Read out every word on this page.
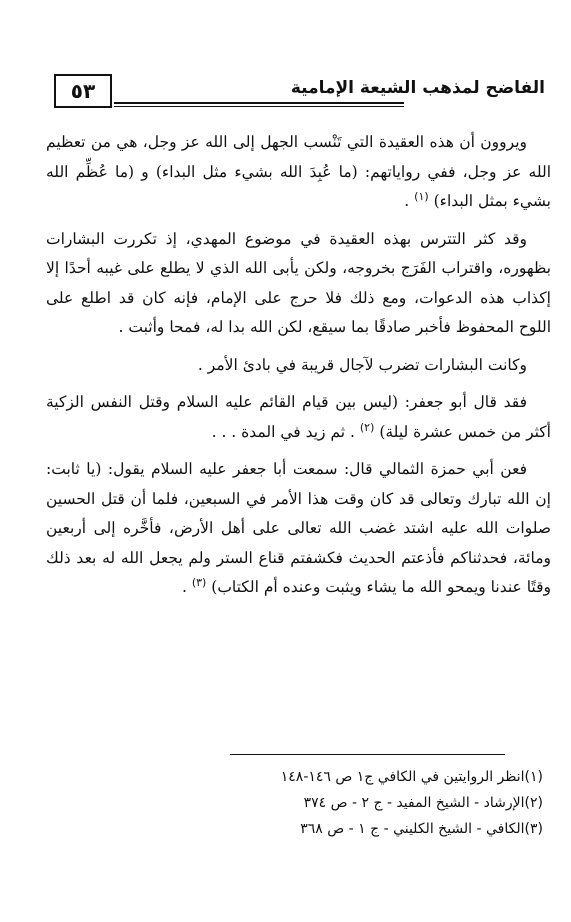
٥٣	الفاضح لمذهب الشيعة الإمامية

ويروون أن هذه العقيدة التي تَنْسب الجهل إلى الله عز وجل، هي من تعظيم الله عز وجل، ففي رواياتهم: (ما عُبِدَ الله بشيء مثل البداء) و (ما عُظِّم الله بشيء بمثل البداء) $^{(١)}$ .

وقد كثر التترس بهذه العقيدة في موضوع المهدي، إذ تكررت البشارات بظهوره، واقتراب الفَرَج بخروجه، ولكن يأبى الله الذي لا يطلع على غيبه أحدًا إلا إكذاب هذه الدعوات، ومع ذلك فلا حرج على الإمام، فإنه كان قد اطلع على اللوح المحفوظ فأخبر صادقًا بما سيقع، لكن الله بدا له، فمحا وأثبت .

وكانت البشارات تضرب لآجال قريبة في بادئ الأمر .

فقد قال أبو جعفر: (ليس بين قيام القائم عليه السلام وقتل النفس الزكية أكثر من خمس عشرة ليلة) $^{(٢)}$ . ثم زيد في المدة . . .

فعن أبي حمزة الثمالي قال: سمعت أبا جعفر عليه السلام يقول: (يا ثابت: إن الله تبارك وتعالى قد كان وقت هذا الأمر في السبعين، فلما أن قتل الحسين صلوات الله عليه اشتد غضب الله تعالى على أهل الأرض، فأخَّره إلى أربعين ومائة، فحدثناكم فأذعتم الحديث فكشفتم قناع الستر ولم يجعل الله له بعد ذلك وقتًا عندنا ويمحو الله ما يشاء ويثبت وعنده أم الكتاب) $^{(٣)}$ .

(١)انظر الروايتين في الكافي ج١ ص ١٤٦-١٤٨
(٢)الإرشاد - الشيخ المفيد - ج ٢ - ص ٣٧٤
(٣)الكافي - الشيخ الكليني - ج ١ - ص ٣٦٨
